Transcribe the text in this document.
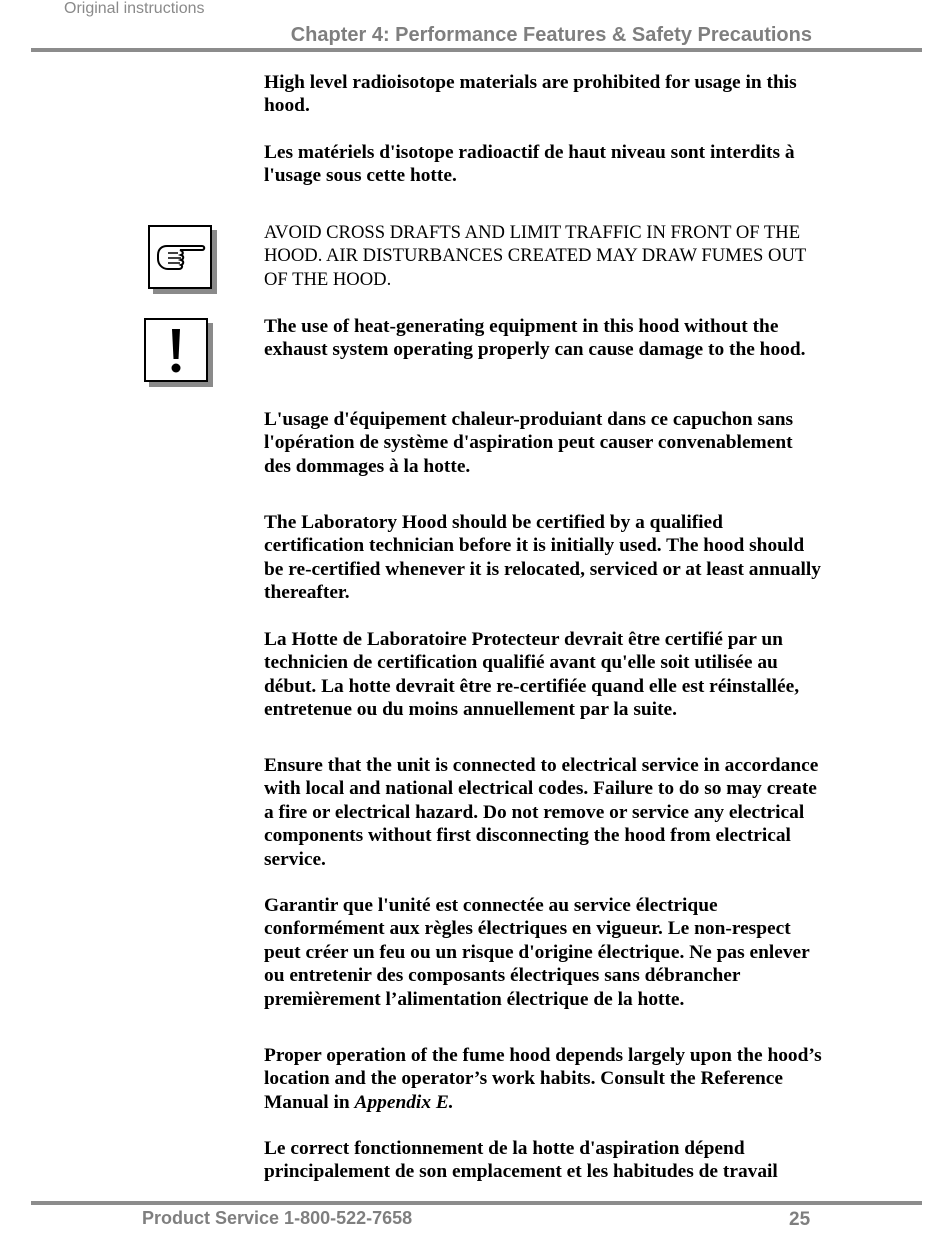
Original instructions
Chapter 4: Performance Features & Safety Precautions

High level radioisotope materials are prohibited for usage in this hood.

Les matériels d'isotope radioactif de haut niveau sont interdits à l'usage sous cette hotte.

AVOID CROSS DRAFTS AND LIMIT TRAFFIC IN FRONT OF THE HOOD. AIR DISTURBANCES CREATED MAY DRAW FUMES OUT OF THE HOOD.

The use of heat-generating equipment in this hood without the exhaust system operating properly can cause damage to the hood.

L'usage d'équipement chaleur-produiant dans ce capuchon sans l'opération de système d'aspiration peut causer convenablement des dommages à la hotte.

The Laboratory Hood should be certified by a qualified certification technician before it is initially used. The hood should be re-certified whenever it is relocated, serviced or at least annually thereafter.

La Hotte de Laboratoire Protecteur devrait être certifié par un technicien de certification qualifié avant qu'elle soit utilisée au début. La hotte devrait être re-certifiée quand elle est réinstallée, entretenue ou du moins annuellement par la suite.

Ensure that the unit is connected to electrical service in accordance with local and national electrical codes. Failure to do so may create a fire or electrical hazard. Do not remove or service any electrical components without first disconnecting the hood from electrical service.

Garantir que l'unité est connectée au service électrique conformément aux règles électriques en vigueur. Le non-respect peut créer un feu ou un risque d'origine électrique. Ne pas enlever ou entretenir des composants électriques sans débrancher premièrement l’alimentation électrique de la hotte.

Proper operation of the fume hood depends largely upon the hood’s location and the operator’s work habits. Consult the Reference Manual in Appendix E.

Le correct fonctionnement de la hotte d'aspiration dépend principalement de son emplacement et les habitudes de travail

Product Service 1-800-522-7658	25
